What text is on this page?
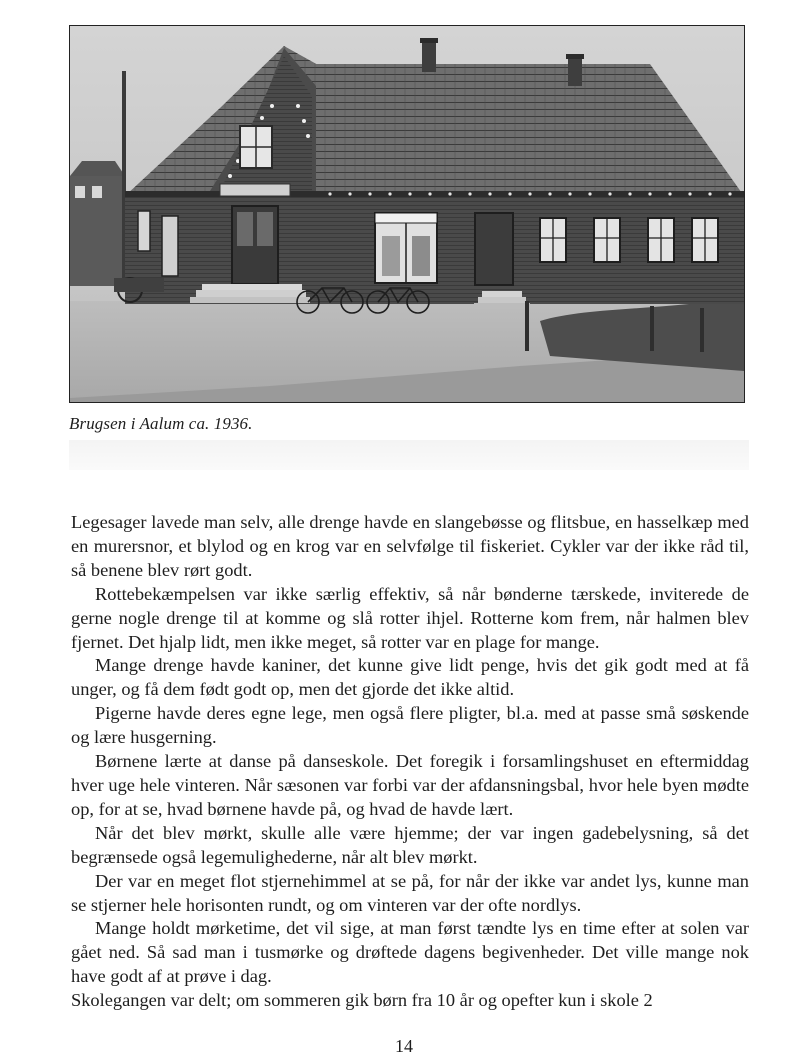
Brugsen i Aalum ca. 1936.

Legesager lavede man selv, alle drenge havde en slangebøsse og flitsbue, en hasselkæp med en murersnor, et blylod og en krog var en selvfølge til fiskeriet. Cykler var der ikke råd til, så benene blev rørt godt.

Rottebekæmpelsen var ikke særlig effektiv, så når bønderne tærskede, inviterede de gerne nogle drenge til at komme og slå rotter ihjel. Rotterne kom frem, når halmen blev fjernet. Det hjalp lidt, men ikke meget, så rotter var en plage for mange.

Mange drenge havde kaniner, det kunne give lidt penge, hvis det gik godt med at få unger, og få dem født godt op, men det gjorde det ikke altid.

Pigerne havde deres egne lege, men også flere pligter, bl.a. med at passe små søskende og lære husgerning.

Børnene lærte at danse på danseskole. Det foregik i forsamlingshuset en eftermiddag hver uge hele vinteren. Når sæsonen var forbi var der afdansningsbal, hvor hele byen mødte op, for at se, hvad børnene havde på, og hvad de havde lært.

Når det blev mørkt, skulle alle være hjemme; der var ingen gadebelysning, så det begrænsede også legemulighederne, når alt blev mørkt.

Der var en meget flot stjernehimmel at se på, for når der ikke var andet lys, kunne man se stjerner hele horisonten rundt, og om vinteren var der ofte nordlys.

Mange holdt mørketime, det vil sige, at man først tændte lys en time efter at solen var gået ned. Så sad man i tusmørke og drøftede dagens begivenheder. Det ville mange nok have godt af at prøve i dag.

Skolegangen var delt; om sommeren gik børn fra 10 år og opefter kun i skole 2

14
